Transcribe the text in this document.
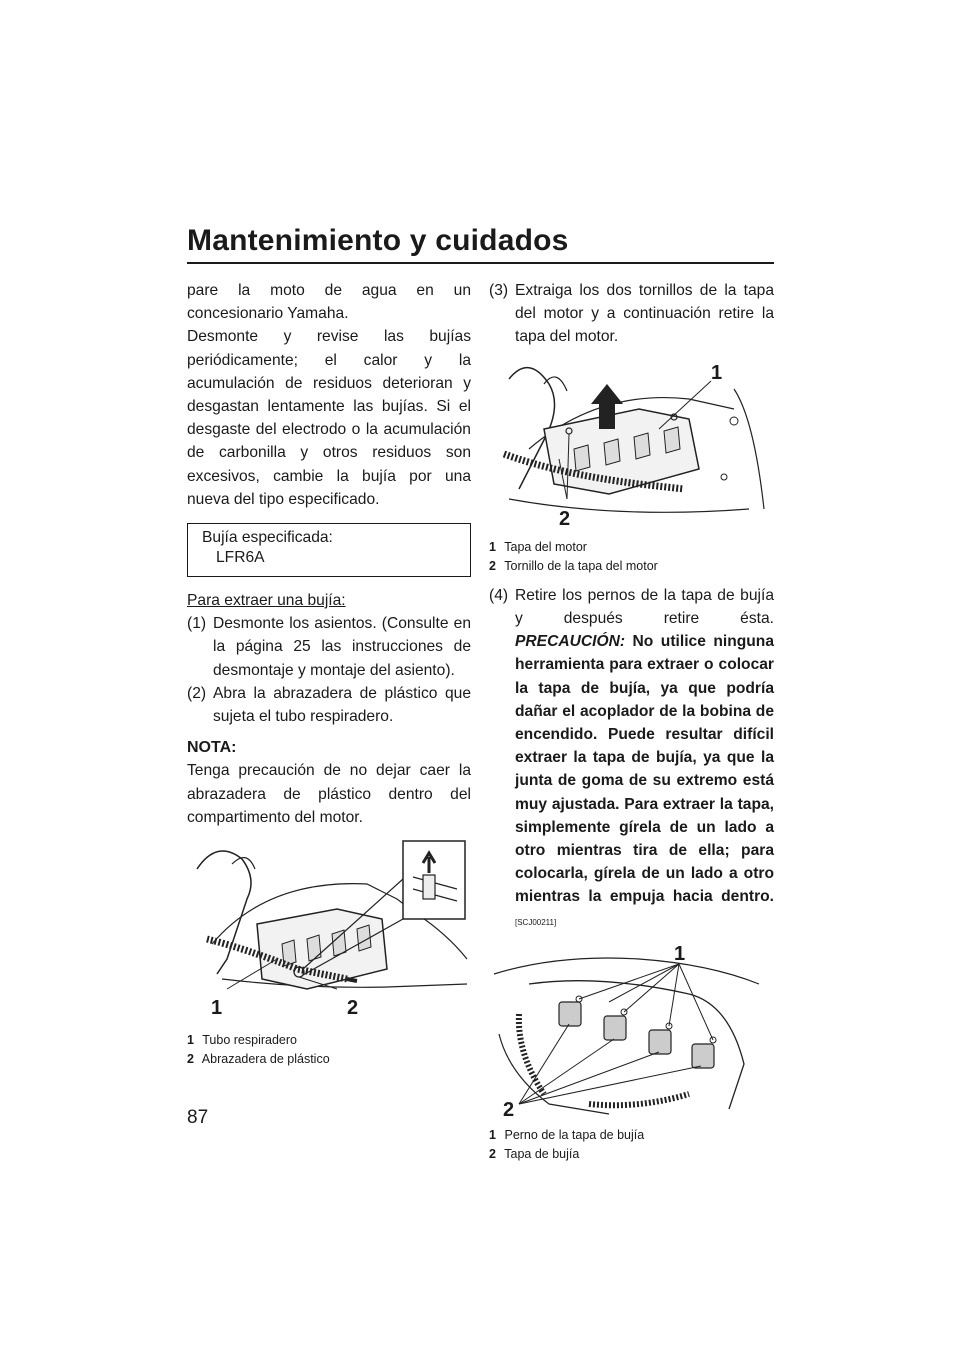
Mantenimiento y cuidados

pare la moto de agua en un concesionario Yamaha.

Desmonte y revise las bujías periódicamente; el calor y la acumulación de residuos deterioran y desgastan lentamente las bujías. Si el desgaste del electrodo o la acumulación de carbonilla y otros residuos son excesivos, cambie la bujía por una nueva del tipo especificado.

Bujía especificada:
LFR6A
Para extraer una bujía:
(1) Desmonte los asientos. (Consulte en la página 25 las instrucciones de desmontaje y montaje del asiento).
(2) Abra la abrazadera de plástico que sujeta el tubo respiradero.
NOTA:

Tenga precaución de no dejar caer la abrazadera de plástico dentro del compartimento del motor.

1	2
1 Tubo respiradero
2 Abrazadera de plástico
(3) Extraiga los dos tornillos de la tapa del motor y a continuación retire la tapa del motor.
1
2
1 Tapa del motor
2 Tornillo de la tapa del motor
(4) Retire los pernos de la tapa de bujía y después retire ésta. PRECAUCIÓN: No utilice ninguna herramienta para extraer o colocar la tapa de bujía, ya que podría dañar el acoplador de la bobina de encendido. Puede resultar difícil extraer la tapa de bujía, ya que la junta de goma de su extremo está muy ajustada. Para extraer la tapa, simplemente gírela de un lado a otro mientras tira de ella; para colocarla, gírela de un lado a otro mientras la empuja hacia dentro. [SCJ00211]
1
2
1 Perno de la tapa de bujía
2 Tapa de bujía
87
